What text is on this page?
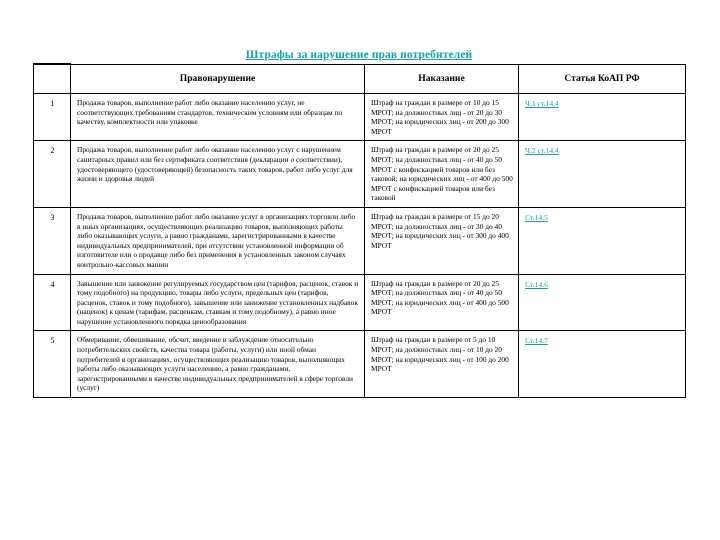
Штрафы за нарушение прав потребителей
	Правонарушение	Наказание	Статья КоАП РФ
1	Продажа товаров, выполнение работ либо оказание населению услуг, не соответствующих требованиям стандартов, техническим условиям или образцам по качеству, комплектности или упаковке	Штраф на граждан в размере от 10 до 15 МРОТ; на должностных лиц - от 20 до 30 МРОТ; на юридических лиц - от 200 до 300 МРОТ	Ч.1 ст.14.4
2	Продажа товаров, выполнение работ либо оказание населению услуг с нарушением санитарных правил или без сертификата соответствия (декларации о соответствии), удостоверяющего (удостоверяющей) безопасность таких товаров, работ либо услуг для жизни и здоровья людей	Штраф на граждан в размере от 20 до 25 МРОТ; на должностных лиц - от 40 до 50 МРОТ с конфискацией товаров или без таковой; на юридических лиц - от 400 до 500 МРОТ с конфискацией товаров или без таковой	Ч.2 ст.14.4
3	Продажа товаров, выполнение работ либо оказание услуг в организациях торговли либо в иных организациях, осуществляющих реализацию товаров, выполняющих работы либо оказывающих услуги, а равно гражданами, зарегистрированными в качестве индивидуальных предпринимателей, при отсутствии установленной информации об изготовителе или о продавце либо без применения в установленных законом случаях контрольно-кассовых машин	Штраф на граждан в размере от 15 до 20 МРОТ; на должностных лиц - от 30 до 40 МРОТ; на юридических лиц - от 300 до 400 МРОТ	Ст.14.5
4	Завышение или занижение регулируемых государством цен (тарифов, расценок, ставок и тому подобного) на продукцию, товары либо услуги, предельных цен (тарифов, расценок, ставок и тому подобного), завышение или занижение установленных надбавок (наценок) к ценам (тарифам, расценкам, ставкам и тому подобному), а равно иное нарушение установленного порядка ценообразования	Штраф на граждан в размере от 20 до 25 МРОТ; на должностных лиц - от 40 до 50 МРОТ; на юридических лиц - от 400 до 500 МРОТ	Ст.14.6
5	Обмеривание, обвешивание, обсчет, введение в заблуждение относительно потребительских свойств, качества товара (работы, услуги) или иной обман потребителей в организациях, осуществляющих реализацию товаров, выполняющих работы либо оказывающих услуги населению, а равно гражданами, зарегистрированными в качестве индивидуальных предпринимателей в сфере торговли (услуг)	Штраф на граждан в размере от 5 до 10 МРОТ; на должностных лиц - от 10 до 20 МРОТ; на юридических лиц - от 100 до 200 МРОТ	Ст.14.7
